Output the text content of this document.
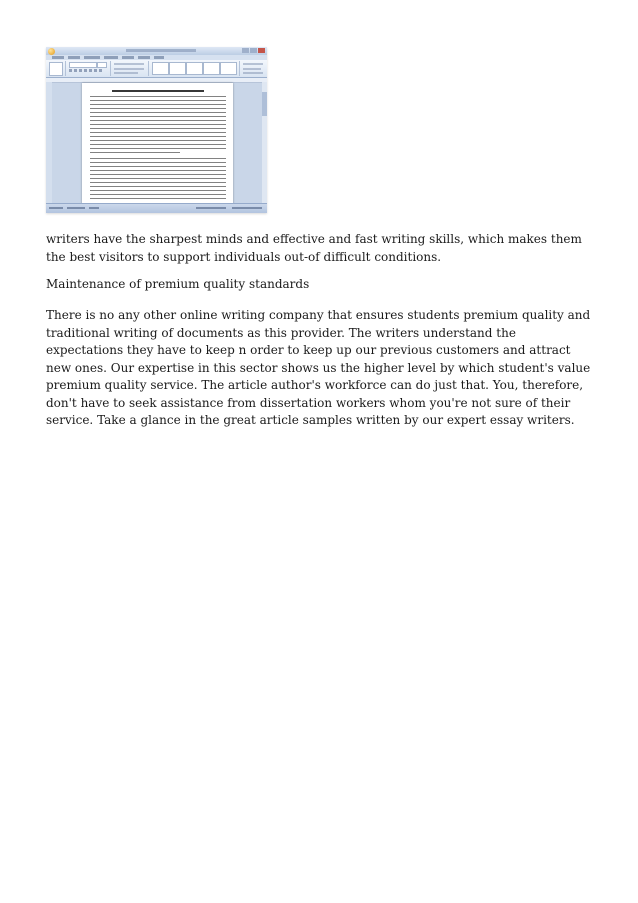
writers have the sharpest minds and effective and fast writing skills, which makes them the best visitors to support individuals out-of difficult conditions.

Maintenance of premium quality standards

There is no any other online writing company that ensures students premium quality and traditional writing of documents as this provider. The writers understand the expectations they have to keep n order to keep up our previous customers and attract new ones. Our expertise in this sector shows us the higher level by which student's value premium quality service. The article author's workforce can do just that. You, therefore, don't have to seek assistance from dissertation workers whom you're not sure of their service. Take a glance in the great article samples written by our expert essay writers.
